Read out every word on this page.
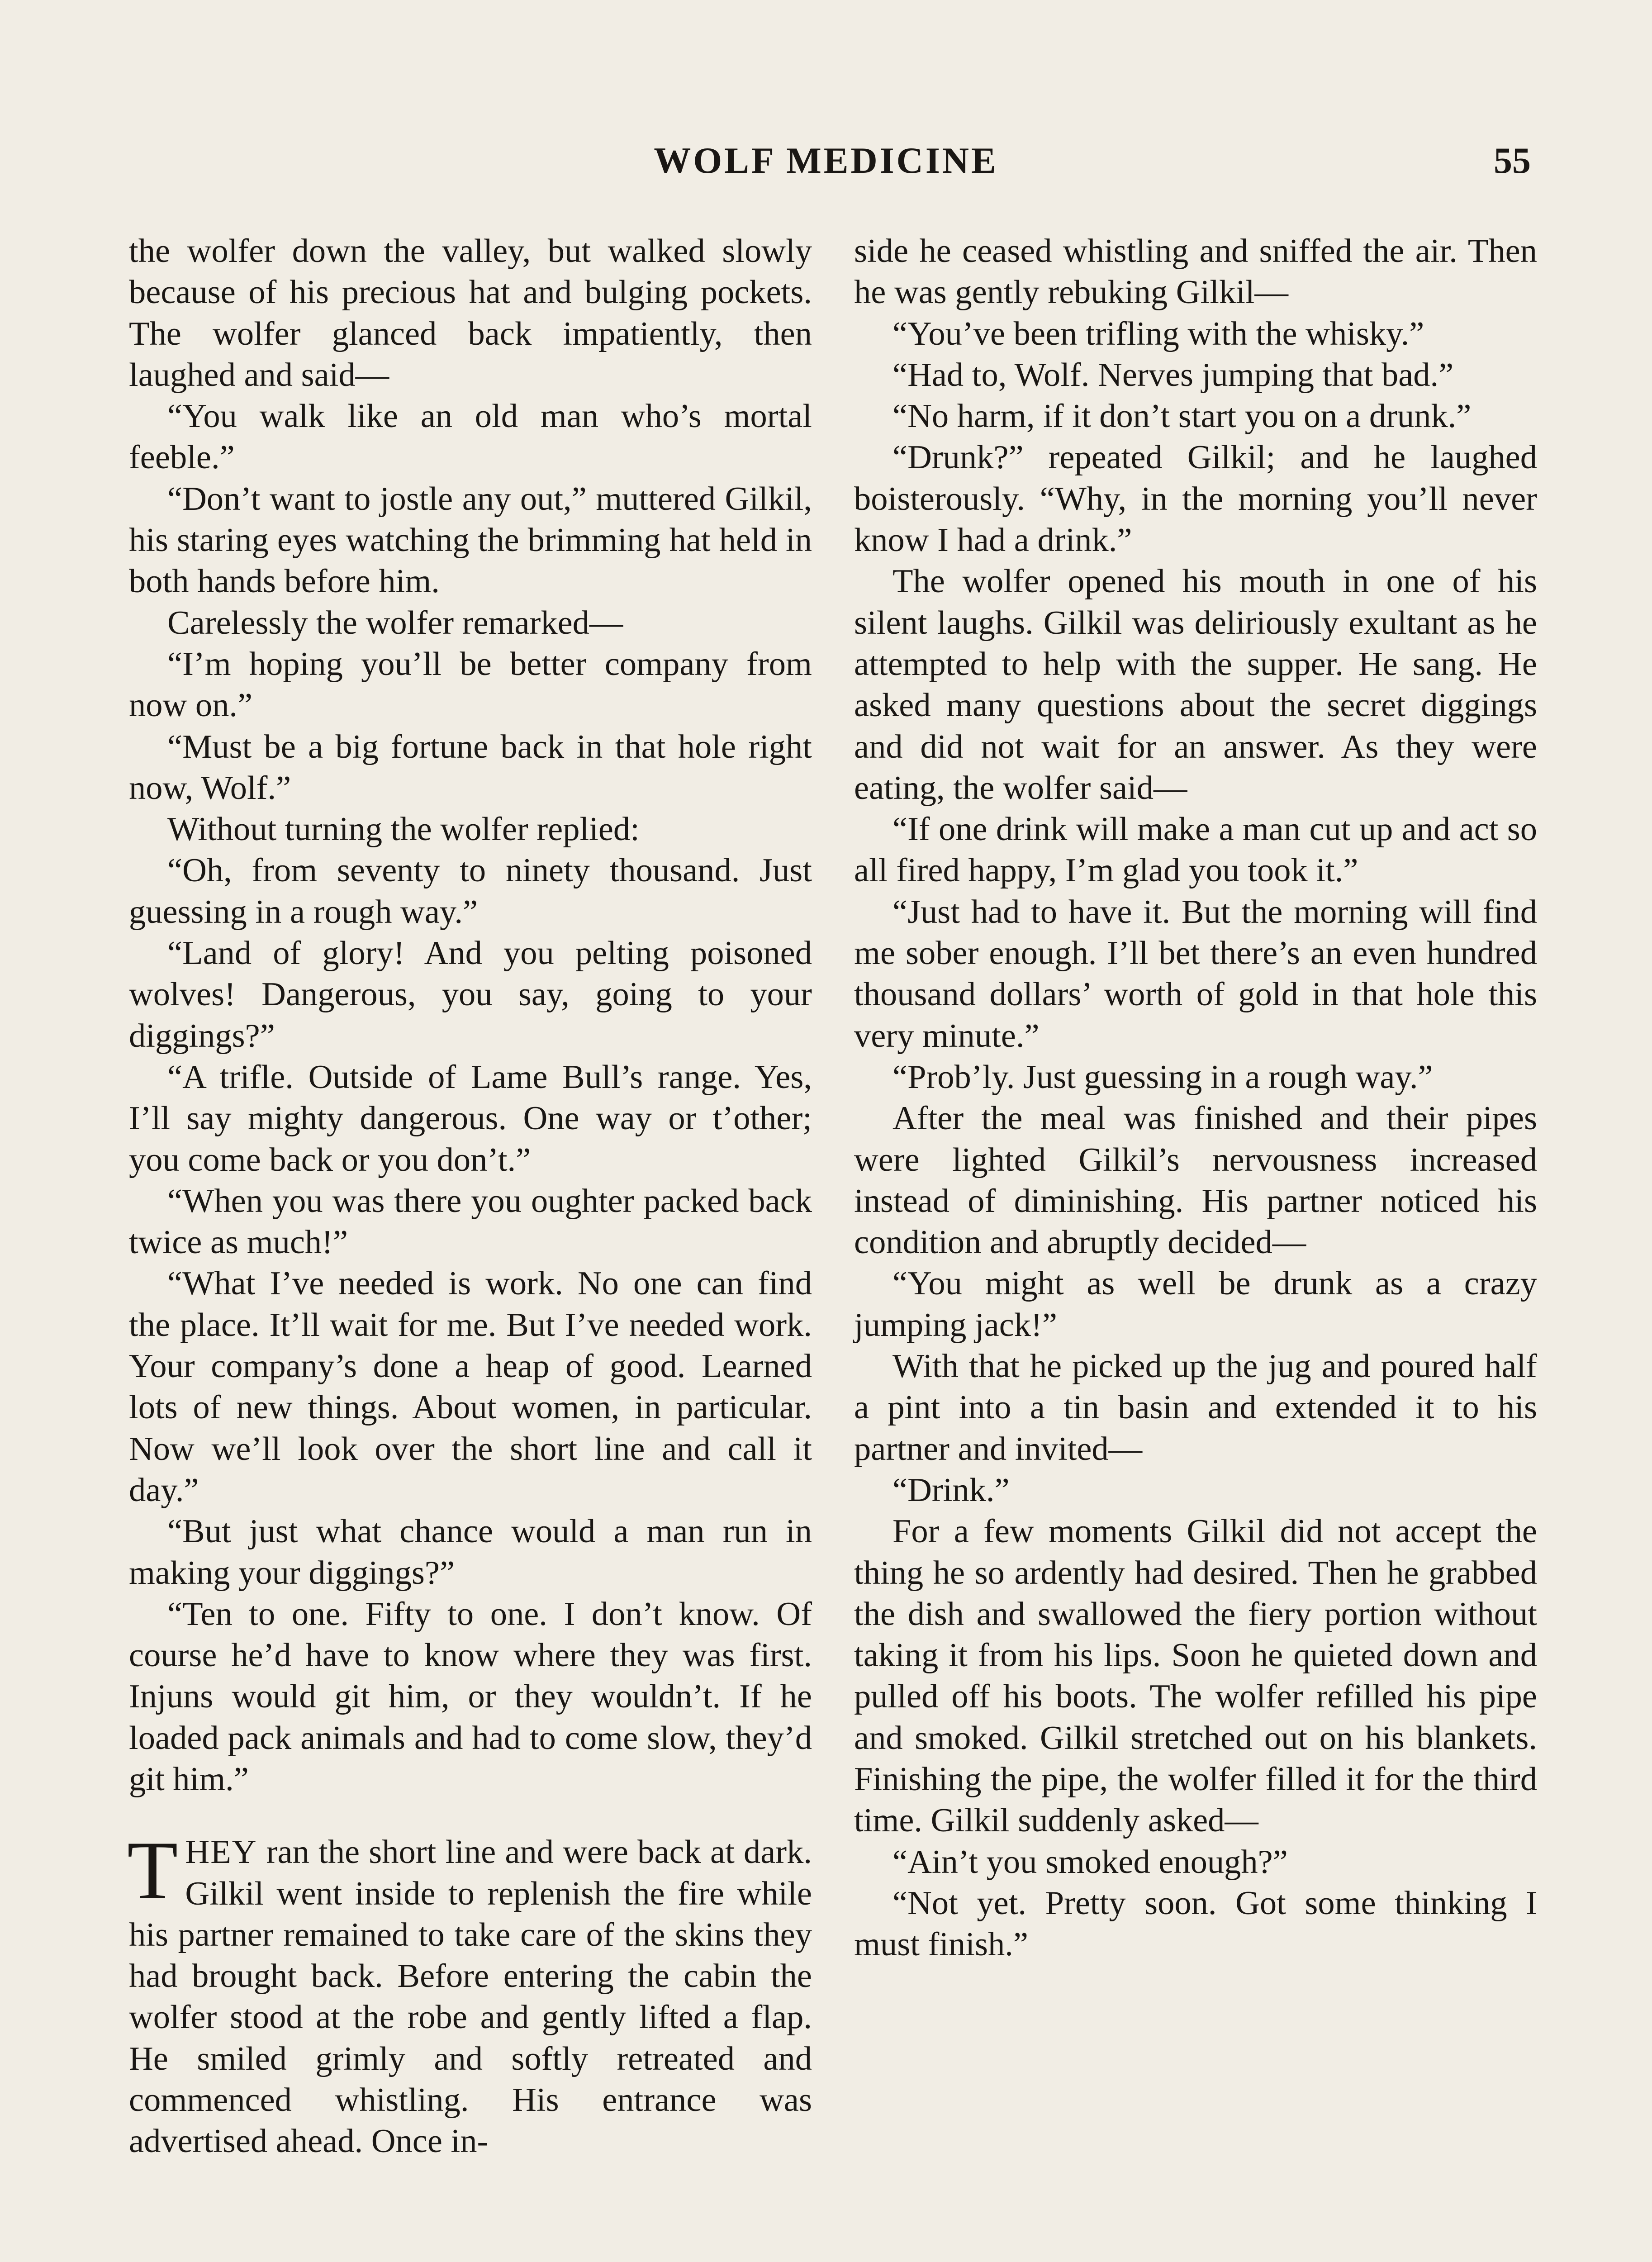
WOLF MEDICINE	55

the wolfer down the valley, but walked slowly because of his precious hat and bulging pockets. The wolfer glanced back impatiently, then laughed and said—

“You walk like an old man who’s mortal feeble.”

“Don’t want to jostle any out,” muttered Gilkil, his staring eyes watching the brimming hat held in both hands before him.

Carelessly the wolfer remarked—

“I’m hoping you’ll be better company from now on.”

“Must be a big fortune back in that hole right now, Wolf.”

Without turning the wolfer replied:

“Oh, from seventy to ninety thousand. Just guessing in a rough way.”

“Land of glory! And you pelting poisoned wolves! Dangerous, you say, going to your diggings?”

“A trifle. Outside of Lame Bull’s range. Yes, I’ll say mighty dangerous. One way or t’other; you come back or you don’t.”

“When you was there you oughter packed back twice as much!”

“What I’ve needed is work. No one can find the place. It’ll wait for me. But I’ve needed work. Your company’s done a heap of good. Learned lots of new things. About women, in particular. Now we’ll look over the short line and call it day.”

“But just what chance would a man run in making your diggings?”

“Ten to one. Fifty to one. I don’t know. Of course he’d have to know where they was first. Injuns would git him, or they wouldn’t. If he loaded pack animals and had to come slow, they’d git him.”

THEY ran the short line and were back at dark. Gilkil went inside to replenish the fire while his partner remained to take care of the skins they had brought back. Before entering the cabin the wolfer stood at the robe and gently lifted a flap. He smiled grimly and softly retreated and commenced whistling. His entrance was advertised ahead. Once in-

side he ceased whistling and sniffed the air. Then he was gently rebuking Gilkil—

“You’ve been trifling with the whisky.”

“Had to, Wolf. Nerves jumping that bad.”

“No harm, if it don’t start you on a drunk.”

“Drunk?” repeated Gilkil; and he laughed boisterously. “Why, in the morning you’ll never know I had a drink.”

The wolfer opened his mouth in one of his silent laughs. Gilkil was deliriously exultant as he attempted to help with the supper. He sang. He asked many questions about the secret diggings and did not wait for an answer. As they were eating, the wolfer said—

“If one drink will make a man cut up and act so all fired happy, I’m glad you took it.”

“Just had to have it. But the morning will find me sober enough. I’ll bet there’s an even hundred thousand dollars’ worth of gold in that hole this very minute.”

“Prob’ly. Just guessing in a rough way.”

After the meal was finished and their pipes were lighted Gilkil’s nervousness increased instead of diminishing. His partner noticed his condition and abruptly decided—

“You might as well be drunk as a crazy jumping jack!”

With that he picked up the jug and poured half a pint into a tin basin and extended it to his partner and invited—

“Drink.”

For a few moments Gilkil did not accept the thing he so ardently had desired. Then he grabbed the dish and swallowed the fiery portion without taking it from his lips. Soon he quieted down and pulled off his boots. The wolfer refilled his pipe and smoked. Gilkil stretched out on his blankets. Finishing the pipe, the wolfer filled it for the third time. Gilkil suddenly asked—

“Ain’t you smoked enough?”

“Not yet. Pretty soon. Got some thinking I must finish.”
